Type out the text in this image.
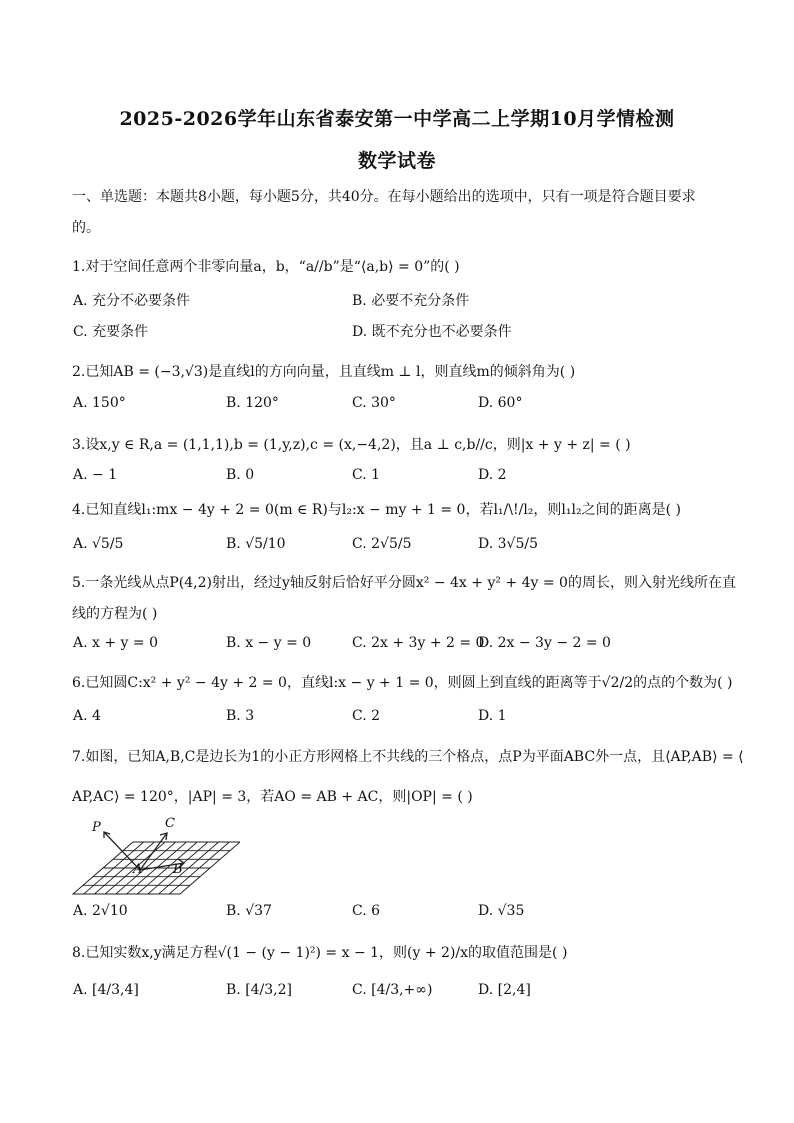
2025-2026学年山东省泰安第一中学高二上学期10月学情检测
数学试卷
一、单选题：本题共8小题，每小题5分，共40分。在每小题给出的选项中，只有一项是符合题目要求
的。
1.对于空间任意两个非零向量a，b，“a//b”是“⟨a,b⟩ = 0”的( )
A. 充分不必要条件	B. 必要不充分条件
C. 充要条件	D. 既不充分也不必要条件
2.已知AB = (−3,√3)是直线l的方向向量，且直线m ⊥ l，则直线m的倾斜角为( )
A. 150°	B. 120°	C. 30°	D. 60°
3.设x,y ∈ R,a = (1,1,1),b = (1,y,z),c = (x,−4,2)，且a ⊥ c,b//c，则|x + y + z| = ( )
A. − 1	B. 0	C. 1	D. 2
4.已知直线l₁:mx − 4y + 2 = 0(m ∈ R)与l₂:x − my + 1 = 0，若l₁/\!/l₂，则l₁l₂之间的距离是( )
A. √5/5	B. √5/10	C. 2√5/5	D. 3√5/5
5.一条光线从点P(4,2)射出，经过y轴反射后恰好平分圆x² − 4x + y² + 4y = 0的周长，则入射光线所在直
线的方程为( )
A. x + y = 0	B. x − y = 0	C. 2x + 3y + 2 = 0
D. 2x − 3y − 2 = 0
6.已知圆C:x² + y² − 4y + 2 = 0，直线l:x − y + 1 = 0，则圆上到直线的距离等于√2/2的点的个数为( )
A. 4	B. 3	C. 2	D. 1
7.如图，已知A,B,C是边长为1的小正方形网格上不共线的三个格点，点P为平面ABC外一点，且⟨AP,AB⟩ = ⟨
AP,AC⟩ = 120°，|AP| = 3，若AO = AB + AC，则|OP| = ( )
P	C
A B
A. 2√10	B. √37	C. 6	D. √35
8.已知实数x,y满足方程√(1 − (y − 1)²) = x − 1，则(y + 2)/x的取值范围是( )
A. [4/3,4]	B. [4/3,2]	C. [4/3,+∞)	D. [2,4]
